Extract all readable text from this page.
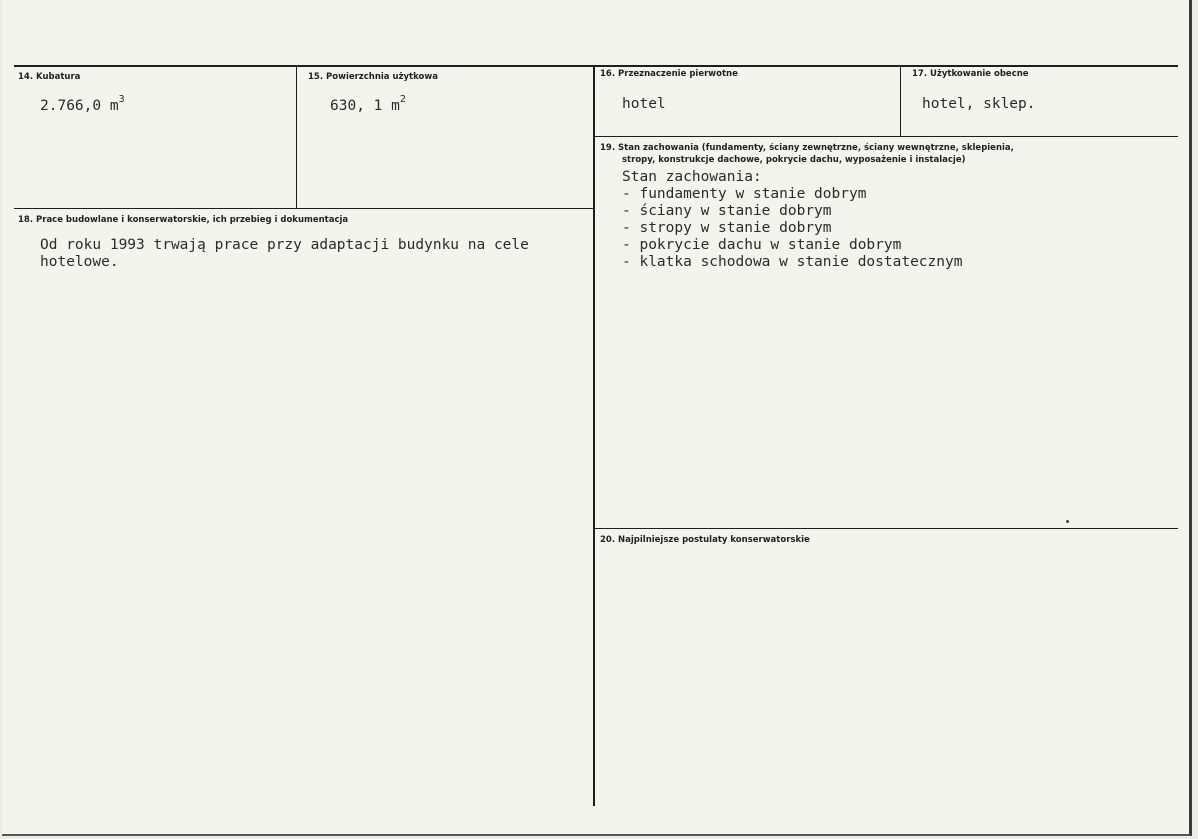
14. Kubatura
2.766,0 $m^3$
15. Powierzchnia użytkowa
630, 1 $m^2$
16. Przeznaczenie pierwotne
hotel
17. Użytkowanie obecne
hotel, sklep.
18. Prace budowlane i konserwatorskie, ich przebieg i dokumentacja
Od roku 1993 trwają prace przy adaptacji budynku na cele
hotelowe.
19. Stan zachowania (fundamenty, ściany zewnętrzne, ściany wewnętrzne, sklepienia,
stropy, konstrukcje dachowe, pokrycie dachu, wyposażenie i instalacje)
Stan zachowania:
- fundamenty w stanie dobrym
- ściany w stanie dobrym
- stropy w stanie dobrym
- pokrycie dachu w stanie dobrym
- klatka schodowa w stanie dostatecznym
20. Najpilniejsze postulaty konserwatorskie
